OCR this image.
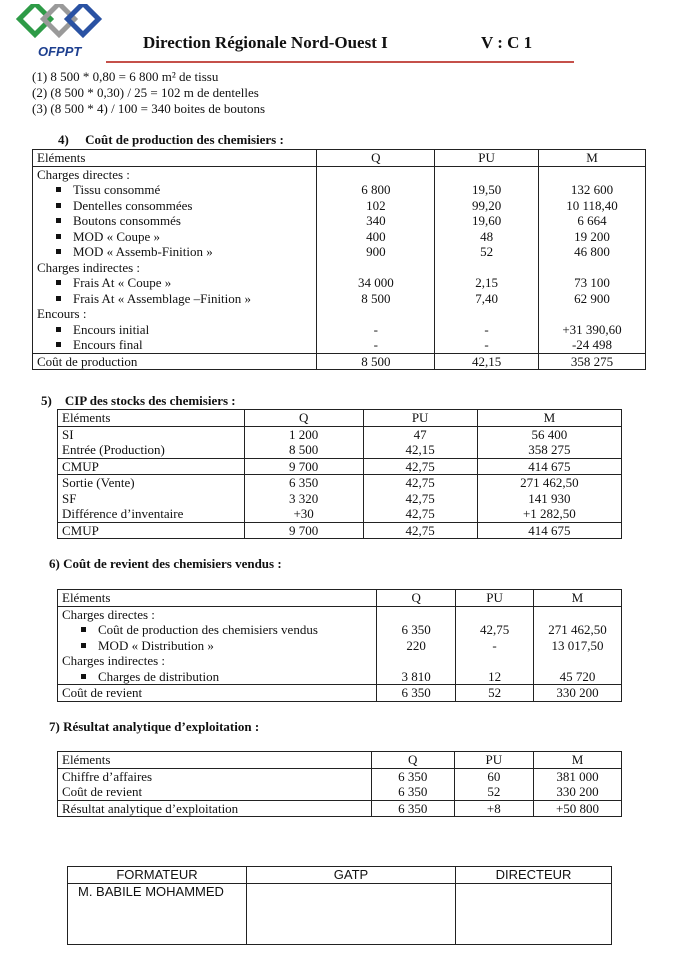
OFPPT	Direction Régionale Nord-Ouest I	V : C 1
(1) 8 500 * 0,80 = 6 800 m² de tissu
(2) (8 500 * 0,30) / 25 = 102 m de dentelles
(3) (8 500 * 4) / 100 = 340 boites de boutons
4)     Coût de production des chemisiers :
Eléments	Q	PU	M
Charges directes :			
Tissu consommé	6 800	19,50	132 600
Dentelles consommées	102	99,20	10 118,40
Boutons consommés	340	19,60	6 664
MOD « Coupe »	400	48	19 200
MOD « Assemb-Finition »	900	52	46 800
Charges indirectes :			
Frais At « Coupe »	34 000	2,15	73 100
Frais At « Assemblage –Finition »	8 500	7,40	62 900
Encours :			
Encours initial	-	-	+31 390,60
Encours final	-	-	-24 498
Coût de production	8 500	42,15	358 275
5)    CIP des stocks des chemisiers :
Eléments	Q	PU	M
SI	1 200	47	56 400
Entrée (Production)	8 500	42,15	358 275
CMUP	9 700	42,75	414 675
Sortie (Vente)	6 350	42,75	271 462,50
SF	3 320	42,75	141 930
Différence d’inventaire	+30	42,75	+1 282,50
CMUP	9 700	42,75	414 675
6) Coût de revient des chemisiers vendus :
Eléments	Q	PU	M
Charges directes :			
Coût de production des chemisiers vendus	6 350	42,75	271 462,50
MOD « Distribution »	220	-	13 017,50
Charges indirectes :			
Charges de distribution	3 810	12	45 720
Coût de revient	6 350	52	330 200
7) Résultat analytique d’exploitation :
Eléments	Q	PU	M
Chiffre d’affaires	6 350	60	381 000
Coût de revient	6 350	52	330 200
Résultat analytique d’exploitation	6 350	+8	+50 800
FORMATEUR	GATP	DIRECTEUR
M. BABILE MOHAMMED		
